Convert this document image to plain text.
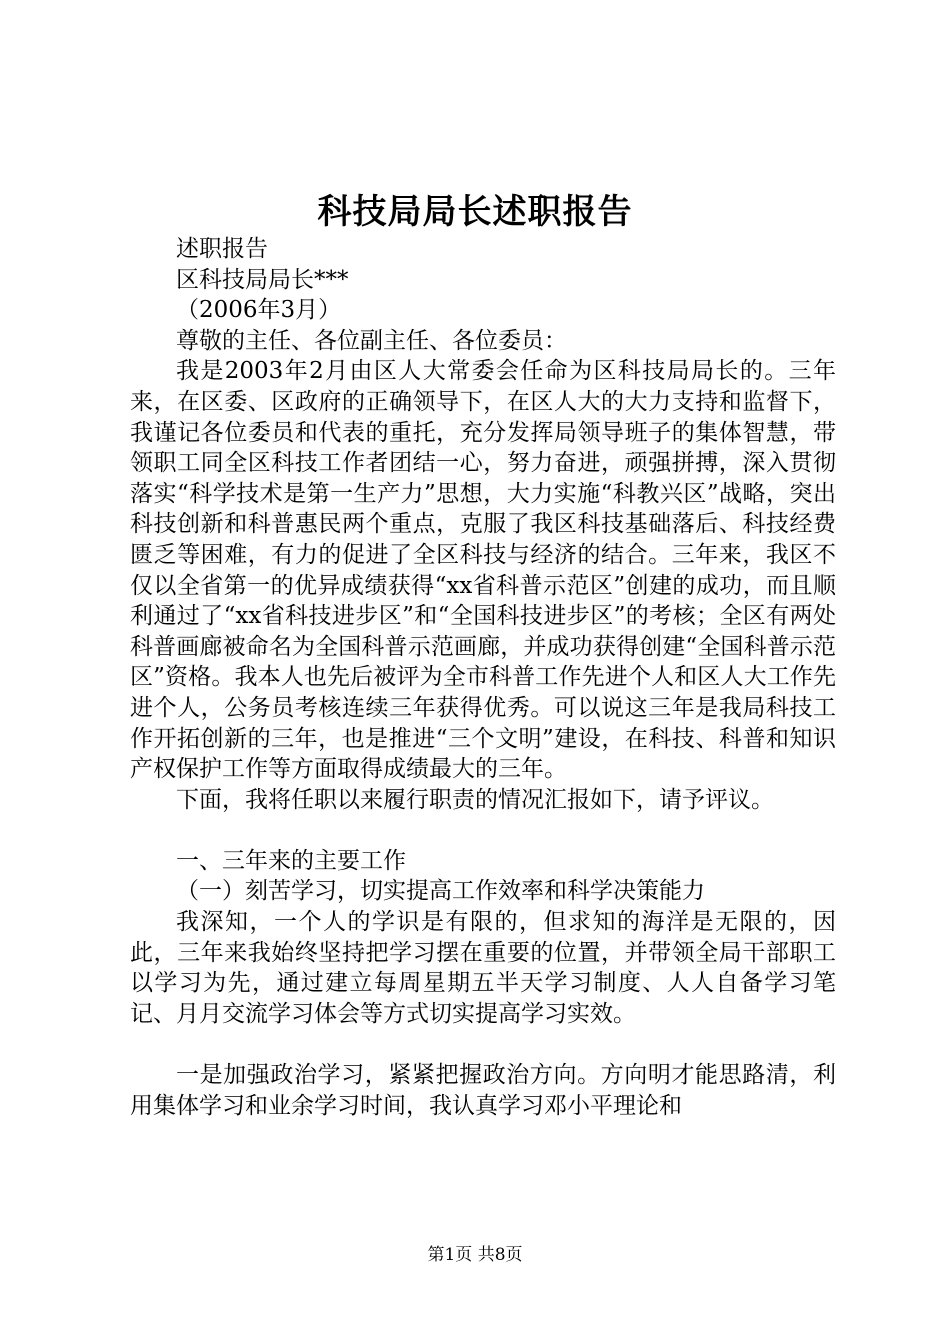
科技局局长述职报告

述职报告

区科技局局长***

（2006年3月）

尊敬的主任、各位副主任、各位委员：

我是2003年2月由区人大常委会任命为区科技局局长的。三年来，在区委、区政府的正确领导下，在区人大的大力支持和监督下，我谨记各位委员和代表的重托，充分发挥局领导班子的集体智慧，带领职工同全区科技工作者团结一心，努力奋进，顽强拼搏，深入贯彻落实“科学技术是第一生产力”思想，大力实施“科教兴区”战略，突出科技创新和科普惠民两个重点，克服了我区科技基础落后、科技经费匮乏等困难，有力的促进了全区科技与经济的结合。三年来，我区不仅以全省第一的优异成绩获得“xx省科普示范区”创建的成功，而且顺利通过了“xx省科技进步区”和“全国科技进步区”的考核；全区有两处科普画廊被命名为全国科普示范画廊，并成功获得创建“全国科普示范区”资格。我本人也先后被评为全市科普工作先进个人和区人大工作先进个人，公务员考核连续三年获得优秀。可以说这三年是我局科技工作开拓创新的三年，也是推进“三个文明”建设，在科技、科普和知识产权保护工作等方面取得成绩最大的三年。

下面，我将任职以来履行职责的情况汇报如下，请予评议。

一、三年来的主要工作

（一）刻苦学习，切实提高工作效率和科学决策能力

我深知，一个人的学识是有限的，但求知的海洋是无限的，因此，三年来我始终坚持把学习摆在重要的位置，并带领全局干部职工以学习为先，通过建立每周星期五半天学习制度、人人自备学习笔记、月月交流学习体会等方式切实提高学习实效。

一是加强政治学习，紧紧把握政治方向。方向明才能思路清，利用集体学习和业余学习时间，我认真学习邓小平理论和

第1页 共8页
